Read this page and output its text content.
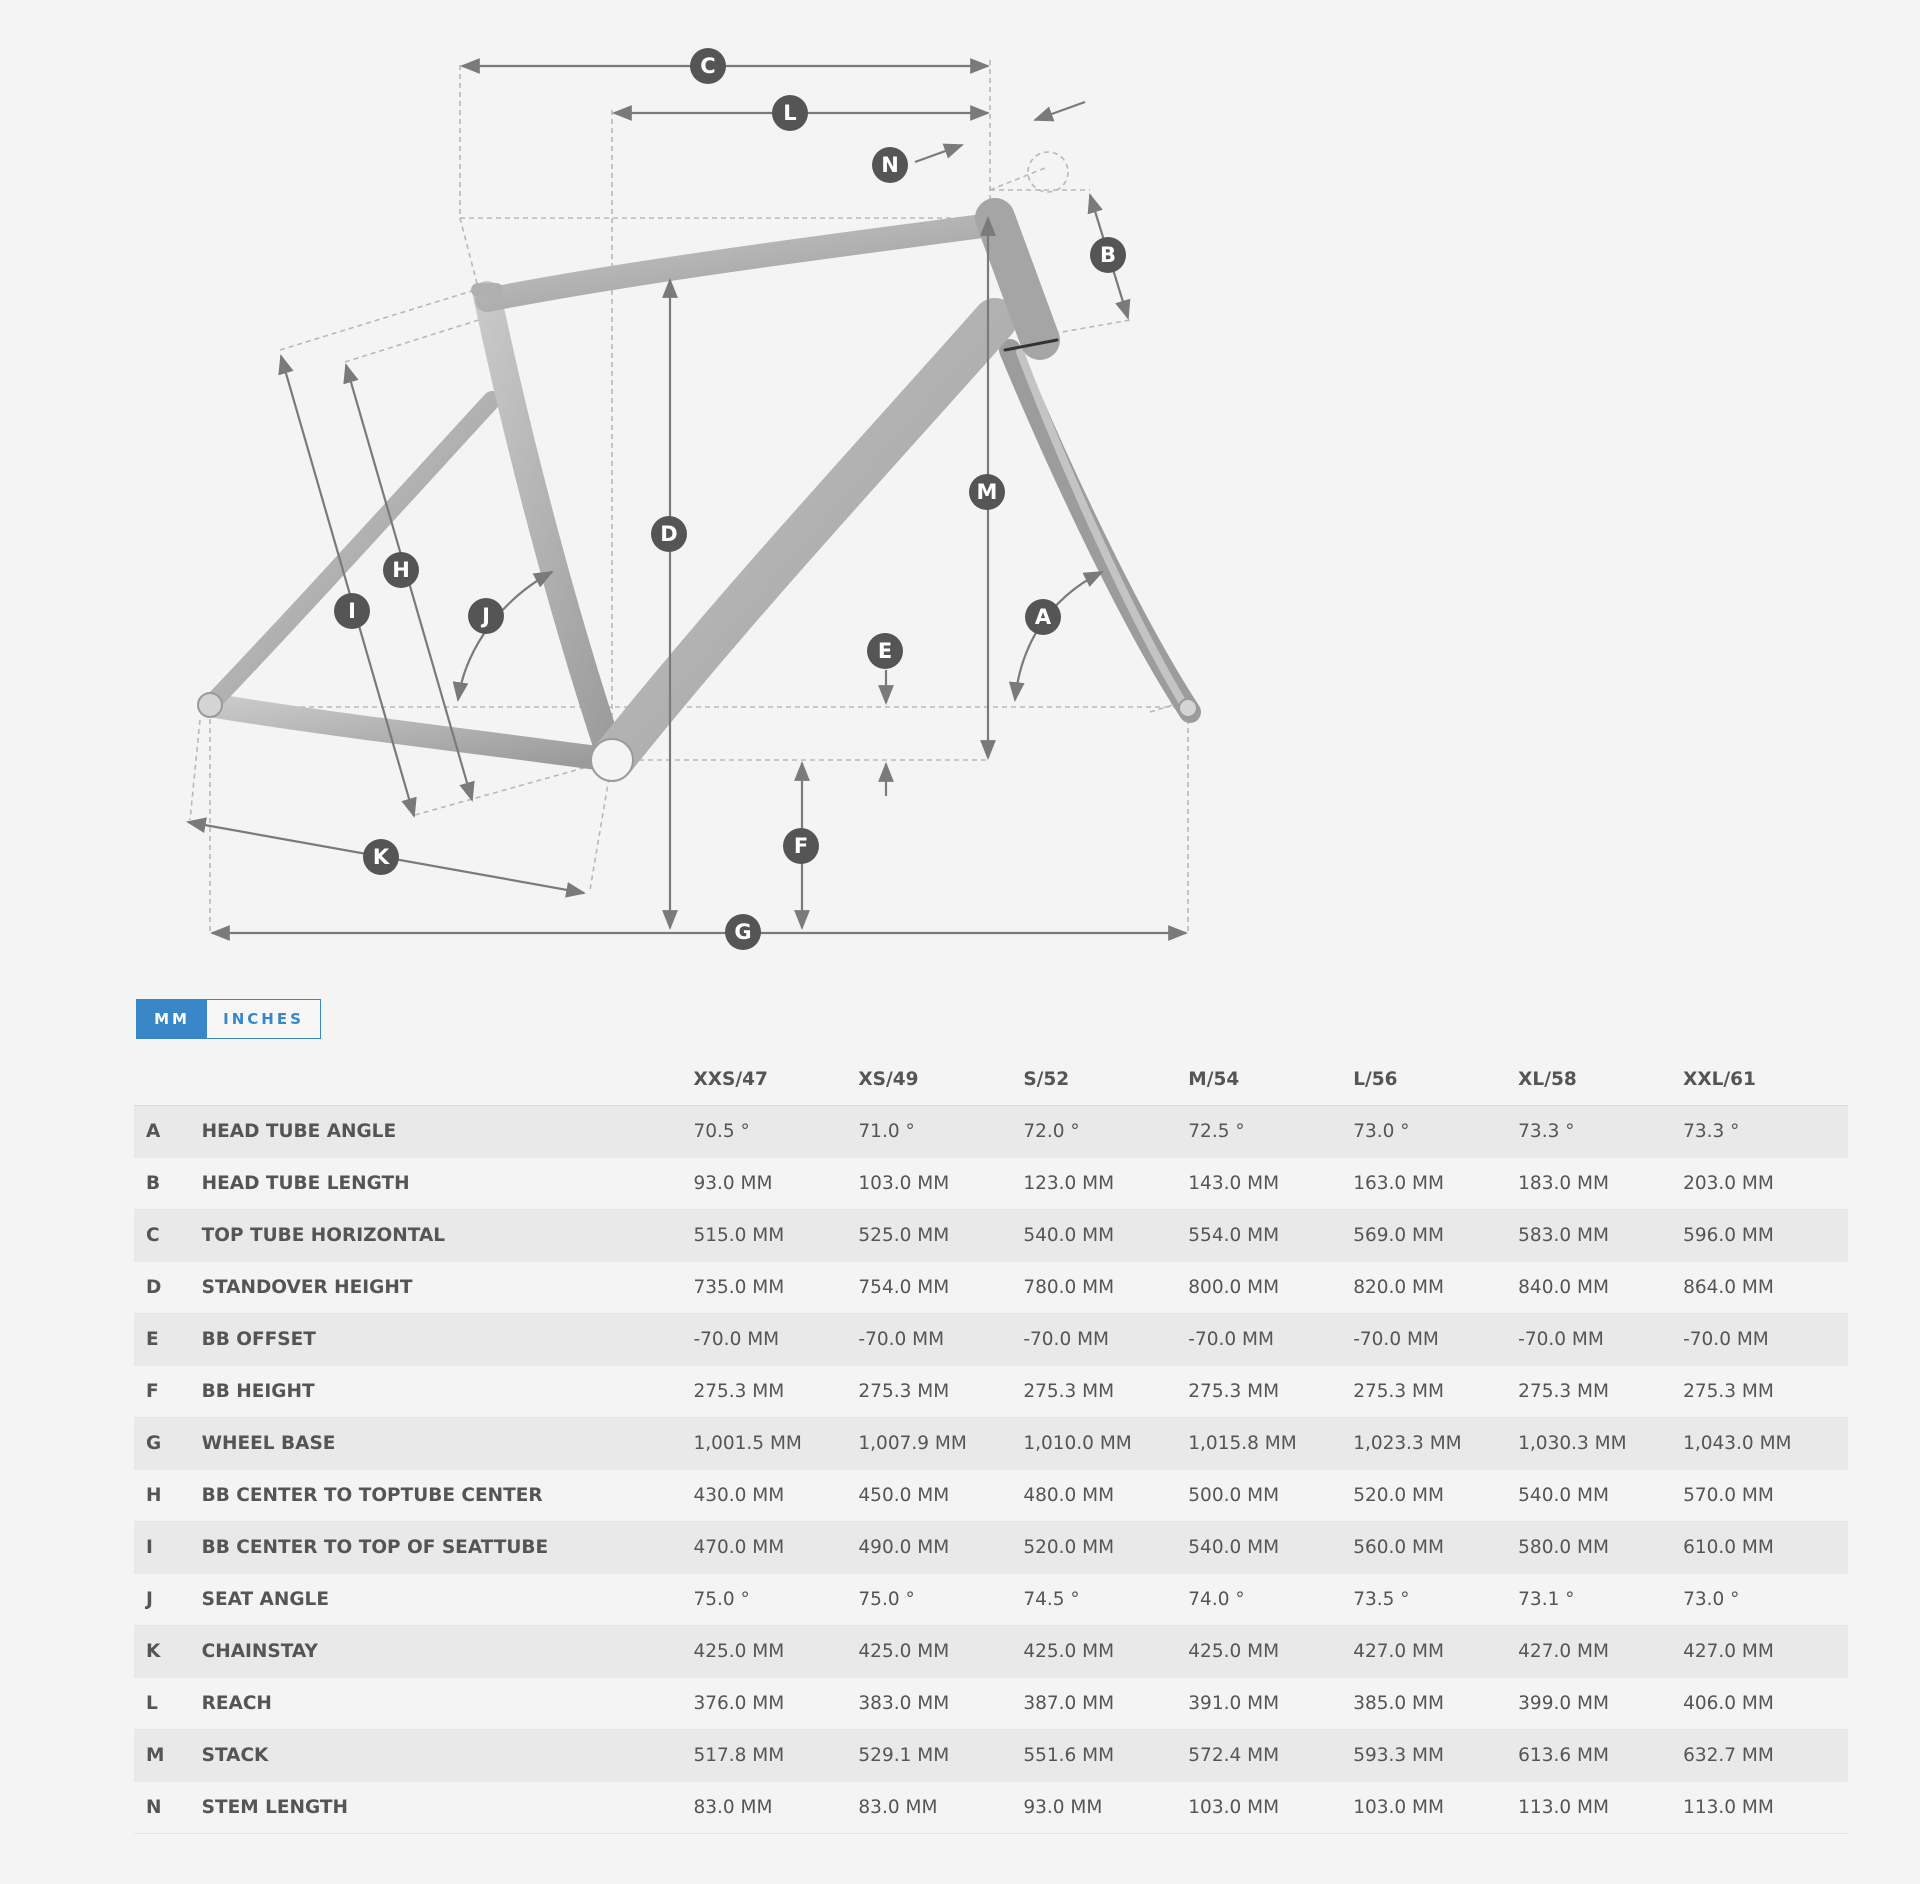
A
B
C
D
E
F
G
H
I	J
K
L
M
N
MM	INCHES
XXS/47	XS/49	S/52	M/54	L/56	XL/58	XXL/61
A	HEAD TUBE ANGLE	70.5 °	71.0 °	72.0 °	72.5 °	73.0 °	73.3 °	73.3 °
B	HEAD TUBE LENGTH	93.0 MM	103.0 MM	123.0 MM	143.0 MM	163.0 MM	183.0 MM	203.0 MM
C	TOP TUBE HORIZONTAL	515.0 MM	525.0 MM	540.0 MM	554.0 MM	569.0 MM	583.0 MM	596.0 MM
D	STANDOVER HEIGHT	735.0 MM	754.0 MM	780.0 MM	800.0 MM	820.0 MM	840.0 MM	864.0 MM
E	BB OFFSET	-70.0 MM	-70.0 MM	-70.0 MM	-70.0 MM	-70.0 MM	-70.0 MM	-70.0 MM
F	BB HEIGHT	275.3 MM	275.3 MM	275.3 MM	275.3 MM	275.3 MM	275.3 MM	275.3 MM
G	WHEEL BASE	1,001.5 MM	1,007.9 MM	1,010.0 MM	1,015.8 MM	1,023.3 MM	1,030.3 MM	1,043.0 MM
H	BB CENTER TO TOPTUBE CENTER	430.0 MM	450.0 MM	480.0 MM	500.0 MM	520.0 MM	540.0 MM	570.0 MM
I	BB CENTER TO TOP OF SEATTUBE	470.0 MM	490.0 MM	520.0 MM	540.0 MM	560.0 MM	580.0 MM	610.0 MM
J	SEAT ANGLE	75.0 °	75.0 °	74.5 °	74.0 °	73.5 °	73.1 °	73.0 °
K	CHAINSTAY	425.0 MM	425.0 MM	425.0 MM	425.0 MM	427.0 MM	427.0 MM	427.0 MM
L	REACH	376.0 MM	383.0 MM	387.0 MM	391.0 MM	385.0 MM	399.0 MM	406.0 MM
M	STACK	517.8 MM	529.1 MM	551.6 MM	572.4 MM	593.3 MM	613.6 MM	632.7 MM
N	STEM LENGTH	83.0 MM	83.0 MM	93.0 MM	103.0 MM	103.0 MM	113.0 MM	113.0 MM
